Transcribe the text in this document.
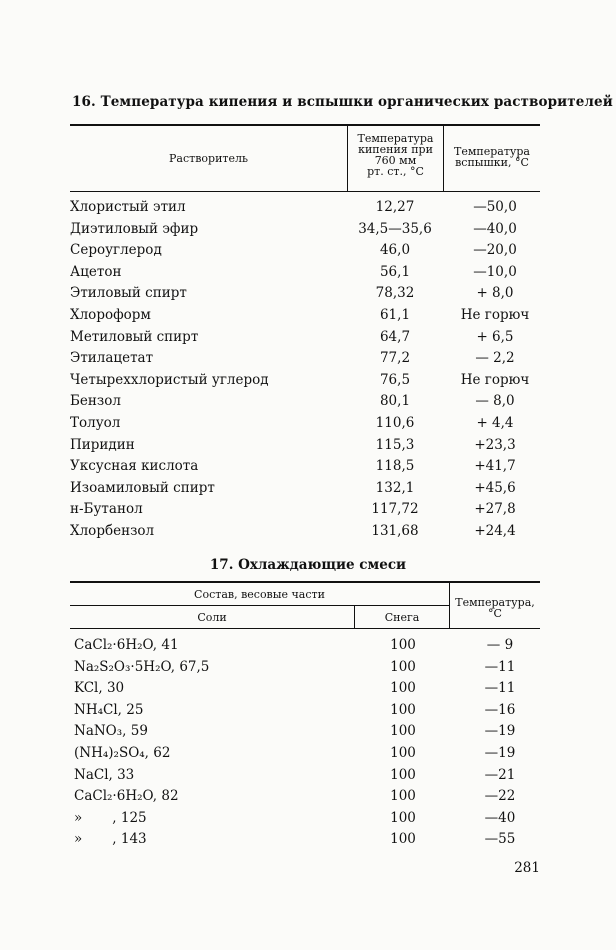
16. Температура кипения и вспышки органических растворителей
Растворитель
Температура
кипения при
760 мм
рт. ст., °С
Температура
вспышки, °С
Хлористый этил	12,27	—50,0
Диэтиловый эфир	34,5—35,6	—40,0
Сероуглерод	46,0	—20,0
Ацетон	56,1	—10,0
Этиловый спирт	78,32	+ 8,0
Хлороформ	61,1	Не горюч
Метиловый спирт	64,7	+ 6,5
Этилацетат	77,2	— 2,2
Четыреххлористый углерод	76,5	Не горюч
Бензол	80,1	— 8,0
Толуол	110,6	+ 4,4
Пиридин	115,3	+23,3
Уксусная кислота	118,5	+41,7
Изоамиловый спирт	132,1	+45,6
н-Бутанол	117,72	+27,8
Хлорбензол	131,68	+24,4
17. Охлаждающие смеси
Состав, весовые части
Соли	Снега
Температура,
°С
CaCl₂·6H₂O, 41	100	— 9
Na₂S₂O₃·5H₂O, 67,5	100	—11
KCl, 30	100	—11
NH₄Cl, 25	100	—16
NaNO₃, 59	100	—19
(NH₄)₂SO₄, 62	100	—19
NaCl, 33	100	—21
CaCl₂·6H₂O, 82	100	—22
»       , 125	100	—40
»       , 143	100	—55
281
